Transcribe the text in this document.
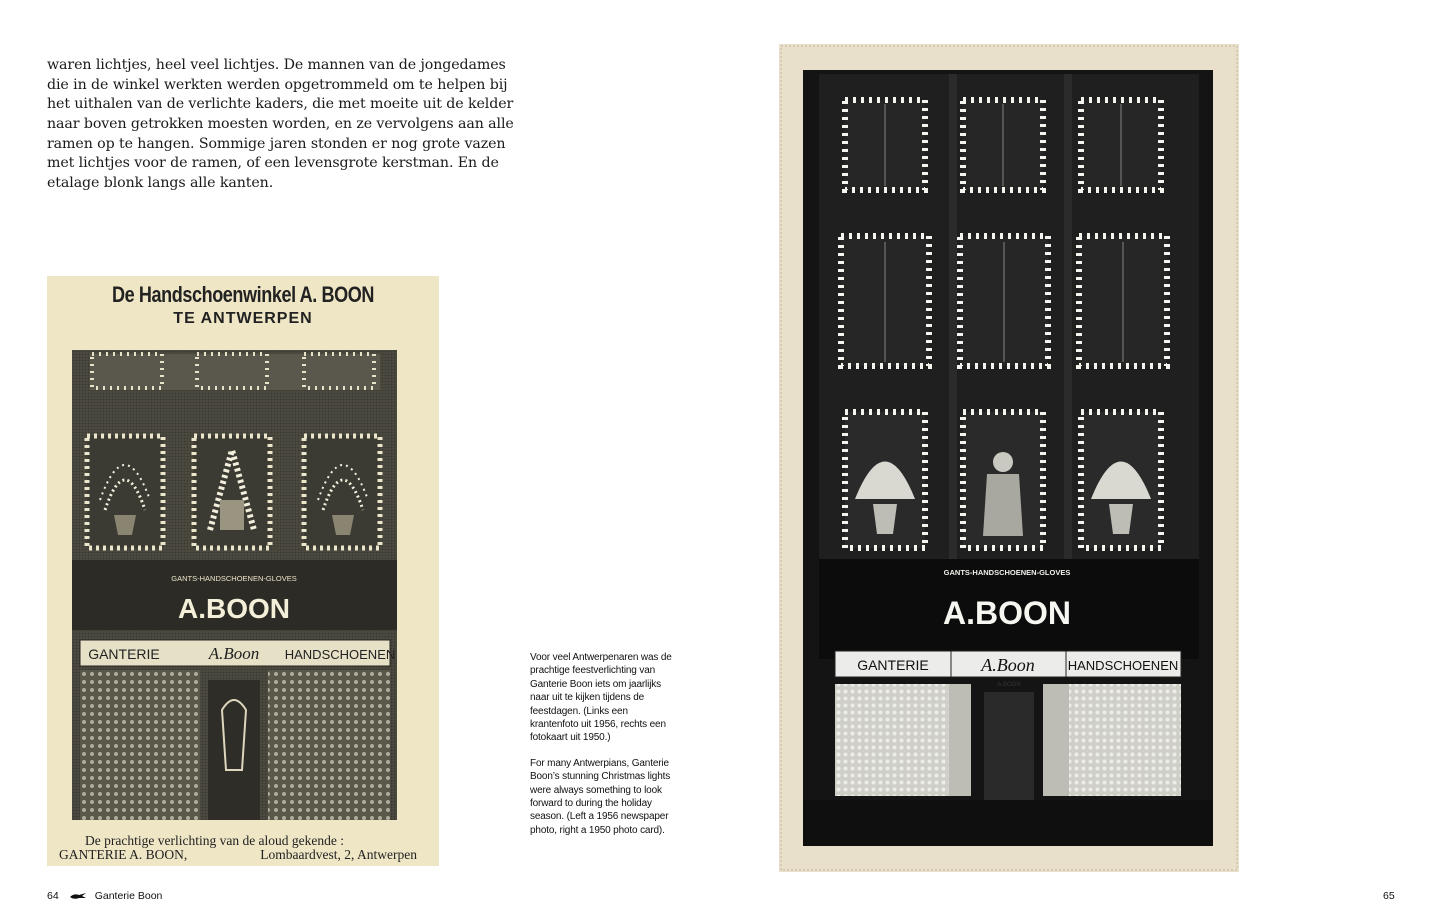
waren lichtjes, heel veel lichtjes. De mannen van de jongedames die in de winkel werkten werden opgetrommeld om te helpen bij het uithalen van de verlichte kaders, die met moeite uit de kelder naar boven getrokken moesten worden, en ze vervolgens aan alle ramen op te hangen. Sommige jaren stonden er nog grote vazen met lichtjes voor de ramen, of een levensgrote kerstman. En de etalage blonk langs alle kanten.

De Handschoenwinkel A. BOON
TE ANTWERPEN
GANTS-HANDSCHOENEN-GLOVES
A.BOON
GANTERIE	A.Boon HANDSCHOENEN
De prachtige verlichting van de aloud gekende :
GANTERIE A. BOON,	Lombaardvest, 2, Antwerpen
Voor veel Antwerpenaren was de prachtige feestverlichting van Ganterie Boon iets om jaarlijks naar uit te kijken tijdens de feestdagen. (Links een krantenfoto uit 1956, rechts een fotokaart uit 1950.)
For many Antwerpians, Ganterie Boon’s stunning Christmas lights were always something to look forward to during the holiday season. (Left a 1956 newspaper photo, right a 1950 photo card).
GANTS-HANDSCHOENEN-GLOVES
A.BOON
GANTERIE	A.Boon	HANDSCHOENEN
A.BOON
64	Ganterie Boon	65
